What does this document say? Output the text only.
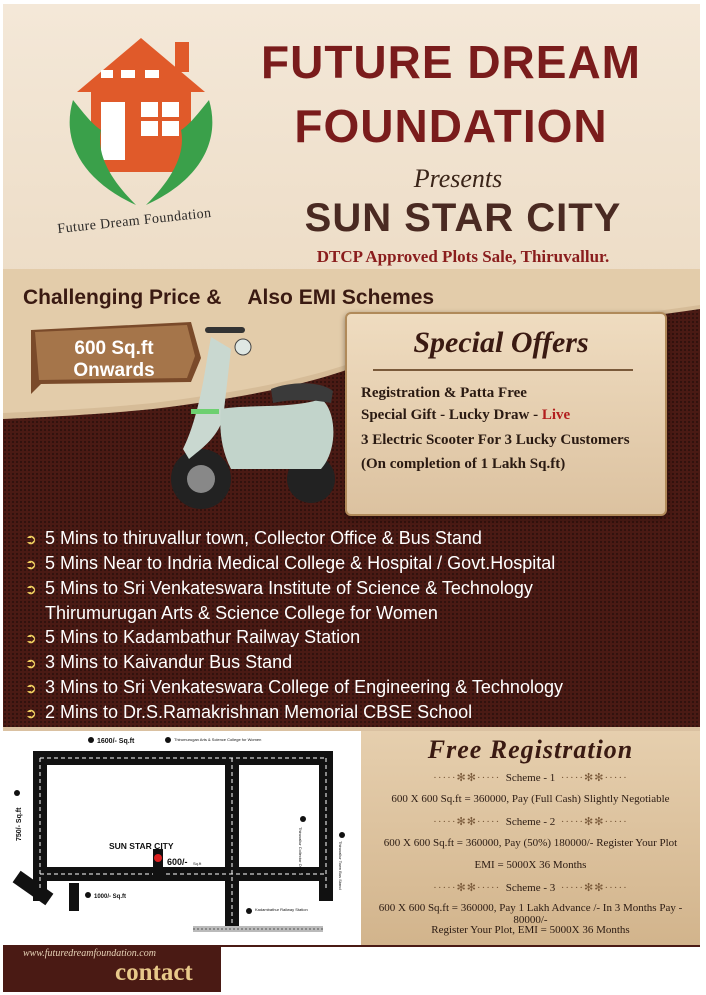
Future Dream Foundation
FUTURE DREAM
FOUNDATION
Presents
SUN STAR CITY
DTCP Approved Plots Sale, Thiruvallur.
Challenging Price & Also EMI Schemes
600 Sq.ft Onwards
Special Offers
Registration & Patta Free
Special Gift - Lucky Draw - Live
3 Electric Scooter For 3 Lucky Customers
(On completion of 1 Lakh Sq.ft)
➲ 5 Mins to thiruvallur town, Collector Office & Bus Stand
➲ 5 Mins Near to Indria Medical College & Hospital / Govt.Hospital
➲ 5 Mins to Sri Venkateswara Institute of Science & Technology
Thirumurugan Arts & Science College for Women
➲ 5 Mins to Kadambathur Railway Station
➲ 3 Mins to Kaivandur Bus Stand
➲ 3 Mins to Sri Venkateswara College of Engineering & Technology
➲ 2 Mins to Dr.S.Ramakrishnan Memorial CBSE School
1600/- Sq.ft	Thirumurugan Arts & Science College for Women
750/- Sq.ft
SUN STAR CITY
600/- Sq.ft
1000/- Sq.ft
Thiruvallur Collector Office	Thiruvallur Town Bus Stand
Kadambathur Railway Station
Free Registration
·····✻✻····· Scheme - 1 ·····✻✻·····
600 X 600 Sq.ft = 360000, Pay (Full Cash) Slightly Negotiable
·····✻✻····· Scheme - 2 ·····✻✻·····
600 X 600 Sq.ft = 360000, Pay (50%) 180000/- Register Your Plot
EMI = 5000X 36 Months
·····✻✻····· Scheme - 3 ·····✻✻·····
600 X 600 Sq.ft = 360000, Pay 1 Lakh Advance /- In 3 Months Pay - 80000/-
Register Your Plot, EMI = 5000X 36 Months
www.futuredreamfoundation.com
contact
